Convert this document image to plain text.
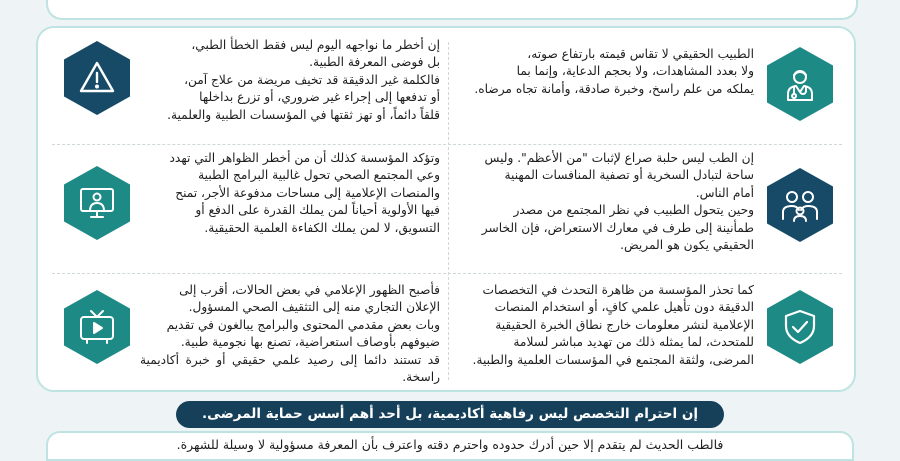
الطبيب الحقيقي لا تقاس قيمته بارتفاع صوته،

ولا بعدد المشاهدات، ولا بحجم الدعاية، وإنما بما

يملكه من علم راسخ، وخبرة صادقة، وأمانة تجاه مرضاه.

إن أخطر ما نواجهه اليوم ليس فقط الخطأ الطبي،

بل فوضى المعرفة الطبية.

فالكلمة غير الدقيقة قد تخيف مريضة من علاج آمن،

أو تدفعها إلى إجراء غير ضروري، أو تزرع بداخلها

قلقاً دائماً، أو تهز ثقتها في المؤسسات الطبية والعلمية.

إن الطب ليس حلبة صراع لإثبات "من الأعظم". وليس

ساحة لتبادل السخرية أو تصفية المنافسات المهنية

أمام الناس.

وحين يتحول الطبيب في نظر المجتمع من مصدر

طمأنينة إلى طرف في معارك الاستعراض، فإن الخاسر

الحقيقي يكون هو المريض.

وتؤكد المؤسسة كذلك أن من أخطر الظواهر التي تهدد

وعي المجتمع الصحي تحول غالبية البرامج الطبية

والمنصات الإعلامية إلى مساحات مدفوعة الأجر، تمنح

فيها الأولوية أحياناً لمن يملك القدرة على الدفع أو

التسويق، لا لمن يملك الكفاءة العلمية الحقيقية.

كما تحذر المؤسسة من ظاهرة التحدث في التخصصات

الدقيقة دون تأهيل علمي كافٍ، أو استخدام المنصات

الإعلامية لنشر معلومات خارج نطاق الخبرة الحقيقية

للمتحدث، لما يمثله ذلك من تهديد مباشر لسلامة

المرضى، ولثقة المجتمع في المؤسسات العلمية والطبية.

فأصبح الظهور الإعلامي في بعض الحالات، أقرب إلى

الإعلان التجاري منه إلى التثقيف الصحي المسؤول.

وبات بعض مقدمي المحتوى والبرامج يبالغون في تقديم

ضيوفهم بأوصاف استعراضية، تصنع بها نجومية طبية.

قد تستند دائما إلى رصيد علمي حقيقي أو خبرة أكاديمية راسخة.

إن احترام التخصص ليس رفاهية أكاديمية، بل أحد أهم أسس حماية المرضى.
فالطب الحديث لم يتقدم إلا حين أدرك حدوده واحترم دقته واعترف بأن المعرفة مسؤولية لا وسيلة للشهرة.
